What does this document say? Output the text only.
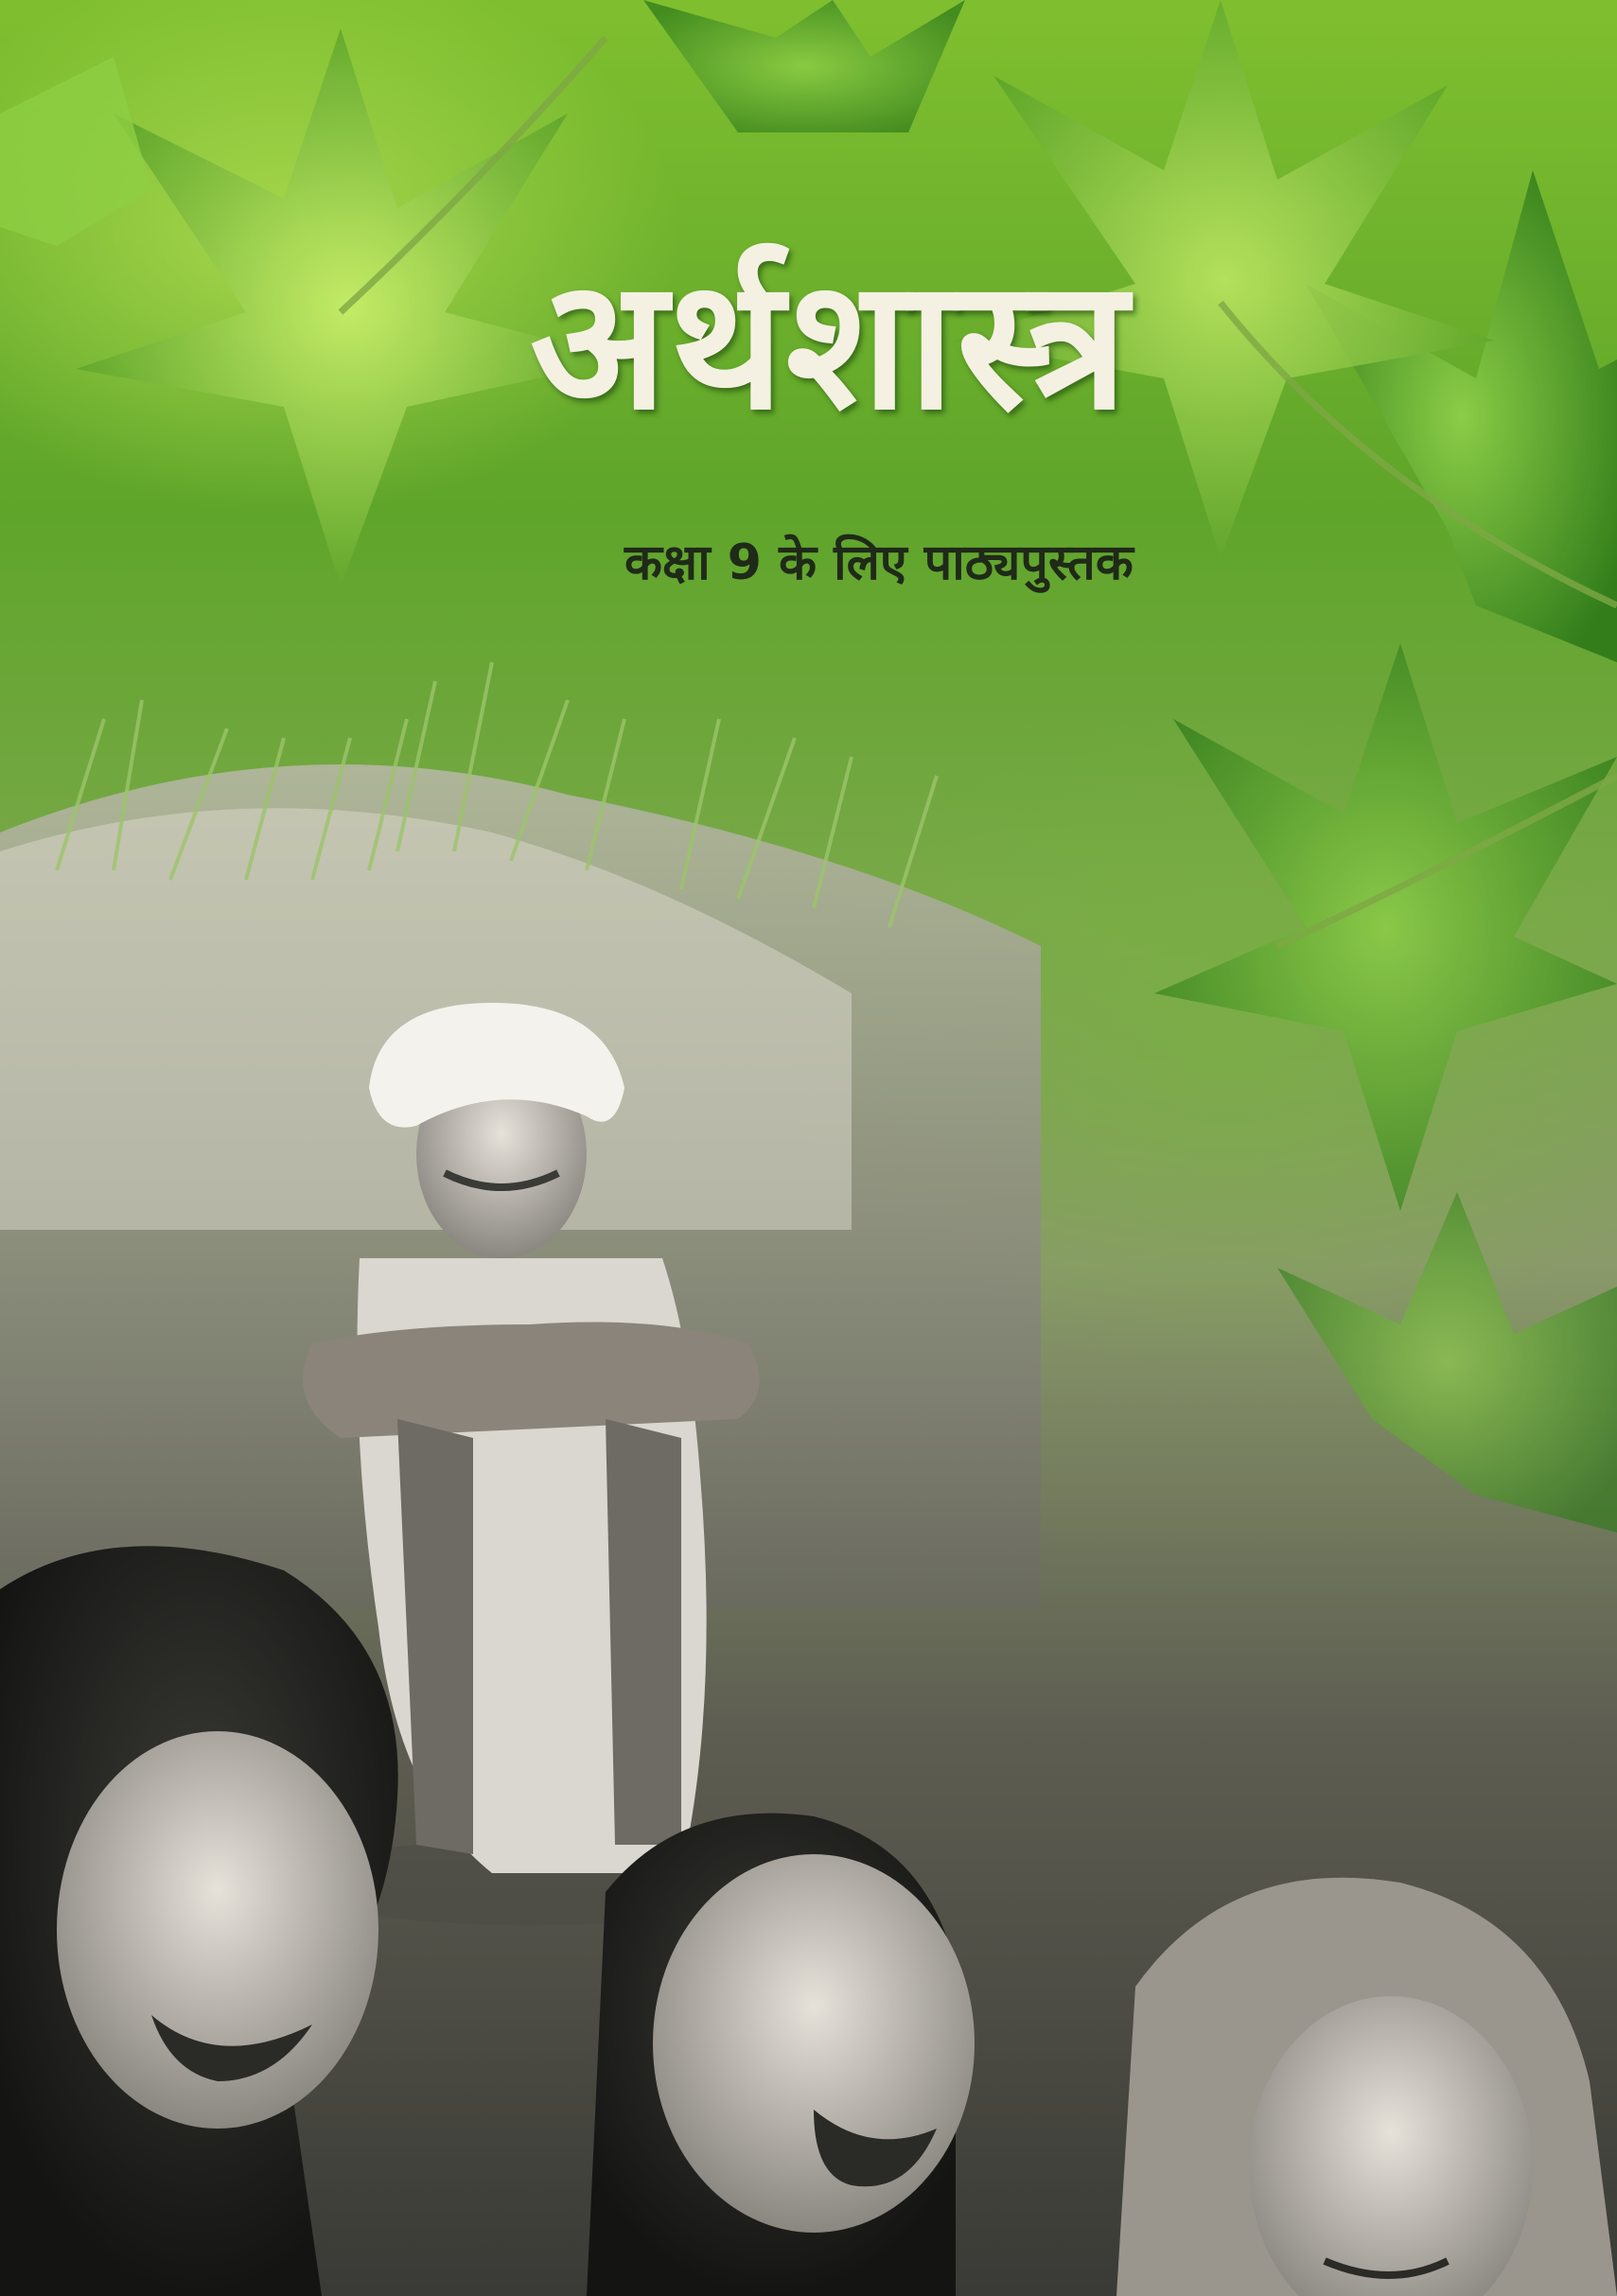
अर्थशास्त्र
कक्षा 9 के लिए पाठ्यपुस्तक
